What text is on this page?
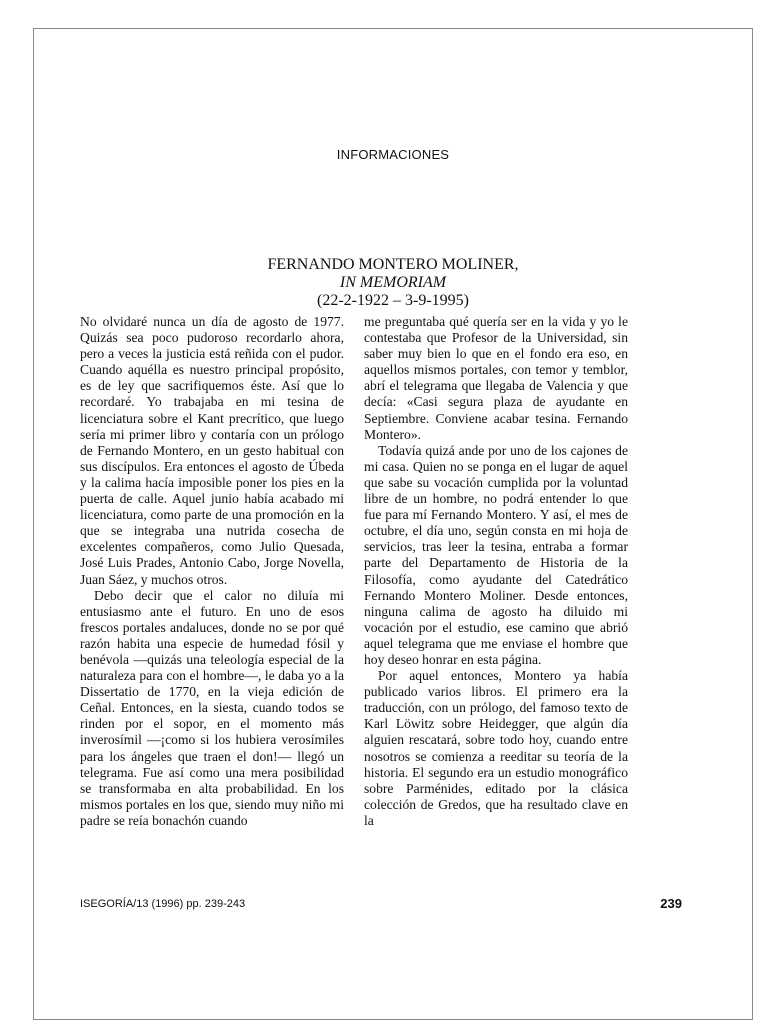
INFORMACIONES
FERNANDO MONTERO MOLINER,
IN MEMORIAM
(22-2-1922 – 3-9-1995)

No olvidaré nunca un día de agosto de 1977. Quizás sea poco pudoroso recordarlo ahora, pero a veces la justicia está reñida con el pudor. Cuando aquélla es nuestro principal propósito, es de ley que sacrifiquemos éste. Así que lo recordaré. Yo trabajaba en mi tesina de licenciatura sobre el Kant precrítico, que luego sería mi primer libro y contaría con un prólogo de Fernando Montero, en un gesto habitual con sus discípulos. Era entonces el agosto de Úbeda y la calima hacía imposible poner los pies en la puerta de calle. Aquel junio había acabado mi licenciatura, como parte de una promoción en la que se integraba una nutrida cosecha de excelentes compañeros, como Julio Quesada, José Luis Prades, Antonio Cabo, Jorge Novella, Juan Sáez, y muchos otros.

Debo decir que el calor no diluía mi entusiasmo ante el futuro. En uno de esos frescos portales andaluces, donde no se por qué razón habita una especie de humedad fósil y benévola —quizás una teleología especial de la naturaleza para con el hombre—, le daba yo a la Dissertatio de 1770, en la vieja edición de Ceñal. Entonces, en la siesta, cuando todos se rinden por el sopor, en el momento más inverosímil —¡como si los hubiera verosímiles para los ángeles que traen el don!— llegó un telegrama. Fue así como una mera posibilidad se transformaba en alta probabilidad. En los mismos portales en los que, siendo muy niño mi padre se reía bonachón cuando

me preguntaba qué quería ser en la vida y yo le contestaba que Profesor de la Universidad, sin saber muy bien lo que en el fondo era eso, en aquellos mismos portales, con temor y temblor, abrí el telegrama que llegaba de Valencia y que decía: «Casi segura plaza de ayudante en Septiembre. Conviene acabar tesina. Fernando Montero».

Todavía quizá ande por uno de los cajones de mi casa. Quien no se ponga en el lugar de aquel que sabe su vocación cumplida por la voluntad libre de un hombre, no podrá entender lo que fue para mí Fernando Montero. Y así, el mes de octubre, el día uno, según consta en mi hoja de servicios, tras leer la tesina, entraba a formar parte del Departamento de Historia de la Filosofía, como ayudante del Catedrático Fernando Montero Moliner. Desde entonces, ninguna calima de agosto ha diluido mi vocación por el estudio, ese camino que abrió aquel telegrama que me enviase el hombre que hoy deseo honrar en esta página.

Por aquel entonces, Montero ya había publicado varios libros. El primero era la traducción, con un prólogo, del famoso texto de Karl Löwitz sobre Heidegger, que algún día alguien rescatará, sobre todo hoy, cuando entre nosotros se comienza a reeditar su teoría de la historia. El segundo era un estudio monográfico sobre Parménides, editado por la clásica colección de Gredos, que ha resultado clave en la

ISEGORÍA/13 (1996) pp. 239-243	239
